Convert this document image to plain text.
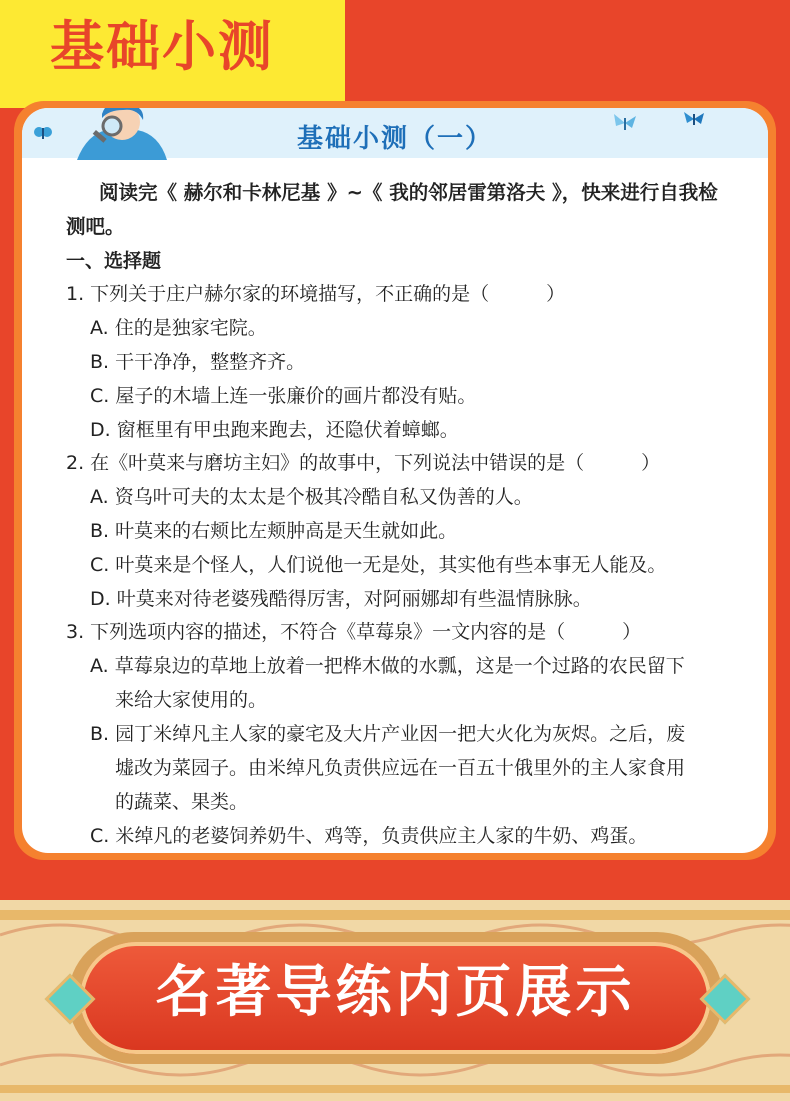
基础小测
基础小测（一）
阅读完《 赫尔和卡林尼基 》~《 我的邻居雷第洛夫 》，快来进行自我检
测吧。
一、选择题
1. 下列关于庄户赫尔家的环境描写，不正确的是（　　　）
A. 住的是独家宅院。
B. 干干净净，整整齐齐。
C. 屋子的木墙上连一张廉价的画片都没有贴。
D. 窗框里有甲虫跑来跑去，还隐伏着蟑螂。
2. 在《叶莫来与磨坊主妇》的故事中，下列说法中错误的是（　　　）
A. 资乌叶可夫的太太是个极其冷酷自私又伪善的人。
B. 叶莫来的右颊比左颊肿高是天生就如此。
C. 叶莫来是个怪人，人们说他一无是处，其实他有些本事无人能及。
D. 叶莫来对待老婆残酷得厉害，对阿丽娜却有些温情脉脉。
3. 下列选项内容的描述，不符合《草莓泉》一文内容的是（　　　）
A. 草莓泉边的草地上放着一把桦木做的水瓢，这是一个过路的农民留下
来给大家使用的。
B. 园丁米绰凡主人家的豪宅及大片产业因一把大火化为灰烬。之后，废
墟改为菜园子。由米绰凡负责供应远在一百五十俄里外的主人家食用
的蔬菜、果类。
C. 米绰凡的老婆饲养奶牛、鸡等，负责供应主人家的牛奶、鸡蛋。
名著导练内页展示
